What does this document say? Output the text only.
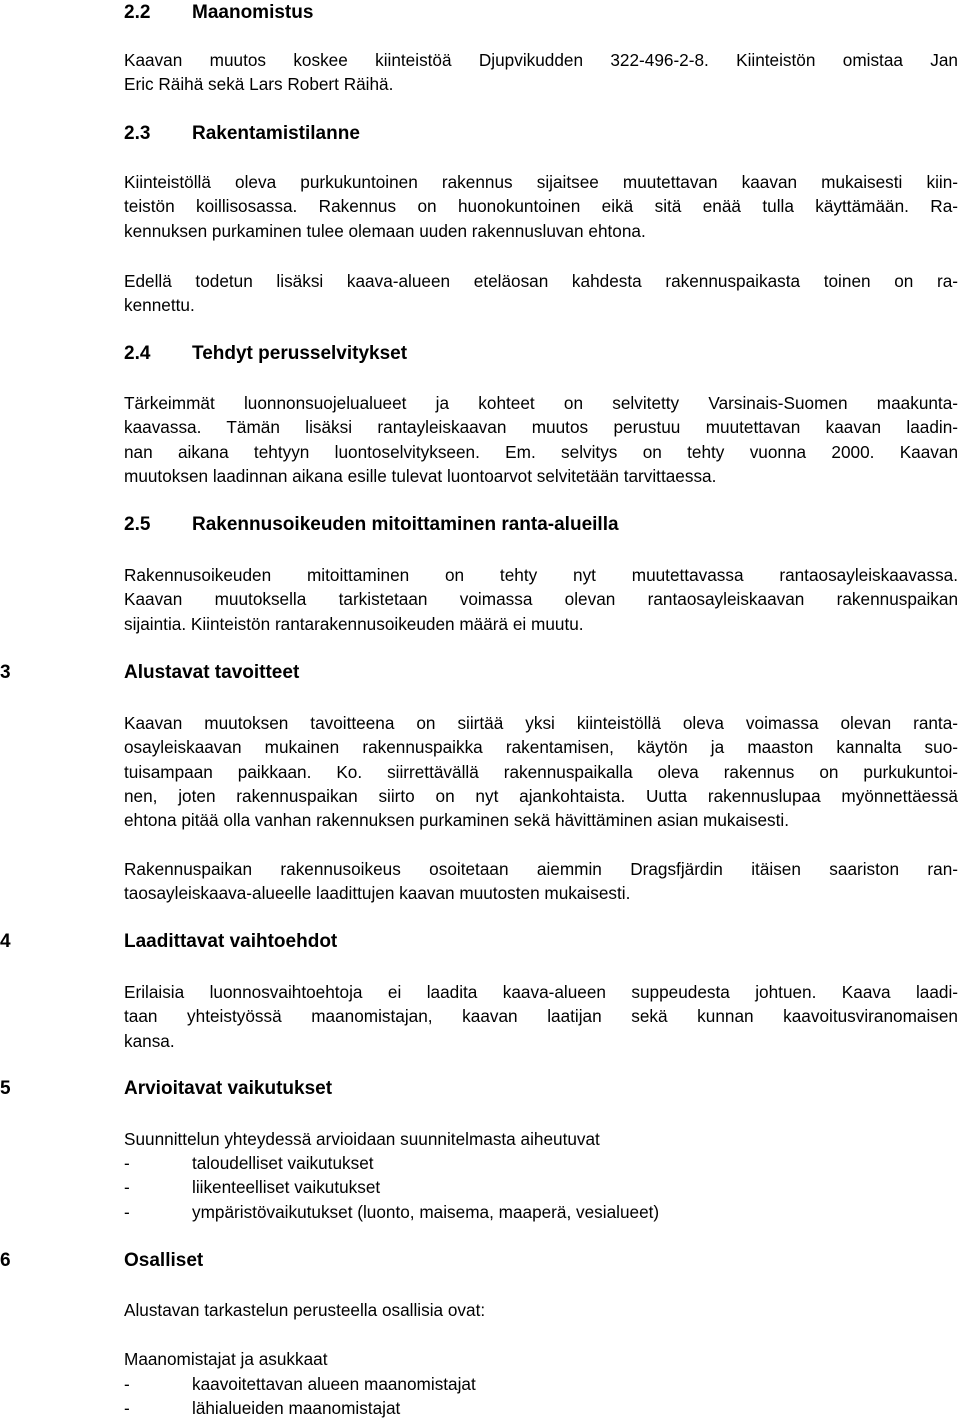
2.2 Maanomistus
Kaavan muutos koskee kiinteistöä Djupvikudden 322-496-2-8. Kiinteistön omistaa Jan
Eric Räihä sekä Lars Robert Räihä.
2.3 Rakentamistilanne
Kiinteistöllä oleva purkukuntoinen rakennus sijaitsee muutettavan kaavan mukaisesti kiin-
teistön koillisosassa. Rakennus on huonokuntoinen eikä sitä enää tulla käyttämään. Ra-
kennuksen purkaminen tulee olemaan uuden rakennusluvan ehtona.
Edellä todetun lisäksi kaava-alueen eteläosan kahdesta rakennuspaikasta toinen on ra-
kennettu.
2.4 Tehdyt perusselvitykset
Tärkeimmät luonnonsuojelualueet ja kohteet on selvitetty Varsinais-Suomen maakunta-
kaavassa. Tämän lisäksi rantayleiskaavan muutos perustuu muutettavan kaavan laadin-
nan aikana tehtyyn luontoselvitykseen. Em. selvitys on tehty vuonna 2000. Kaavan
muutoksen laadinnan aikana esille tulevat luontoarvot selvitetään tarvittaessa.
2.5 Rakennusoikeuden mitoittaminen ranta-alueilla
Rakennusoikeuden mitoittaminen on tehty nyt muutettavassa rantaosayleiskaavassa.
Kaavan muutoksella tarkistetaan voimassa olevan rantaosayleiskaavan rakennuspaikan
sijaintia. Kiinteistön rantarakennusoikeuden määrä ei muutu.
3	Alustavat tavoitteet
Kaavan muutoksen tavoitteena on siirtää yksi kiinteistöllä oleva voimassa olevan ranta-
osayleiskaavan mukainen rakennuspaikka rakentamisen, käytön ja maaston kannalta suo-
tuisampaan paikkaan. Ko. siirrettävällä rakennuspaikalla oleva rakennus on purkukuntoi-
nen, joten rakennuspaikan siirto on nyt ajankohtaista. Uutta rakennuslupaa myönnettäessä
ehtona pitää olla vanhan rakennuksen purkaminen sekä hävittäminen asian mukaisesti.
Rakennuspaikan rakennusoikeus osoitetaan aiemmin Dragsfjärdin itäisen saariston ran-
taosayleiskaava-alueelle laadittujen kaavan muutosten mukaisesti.
4	Laadittavat vaihtoehdot
Erilaisia luonnosvaihtoehtoja ei laadita kaava-alueen suppeudesta johtuen. Kaava laadi-
taan yhteistyössä maanomistajan, kaavan laatijan sekä kunnan kaavoitusviranomaisen
kansa.
5	Arvioitavat vaikutukset
Suunnittelun yhteydessä arvioidaan suunnitelmasta aiheutuvat
-	taloudelliset vaikutukset
-	liikenteelliset vaikutukset
-	ympäristövaikutukset (luonto, maisema, maaperä, vesialueet)
6	Osalliset
Alustavan tarkastelun perusteella osallisia ovat:
Maanomistajat ja asukkaat
-	kaavoitettavan alueen maanomistajat
-	lähialueiden maanomistajat
